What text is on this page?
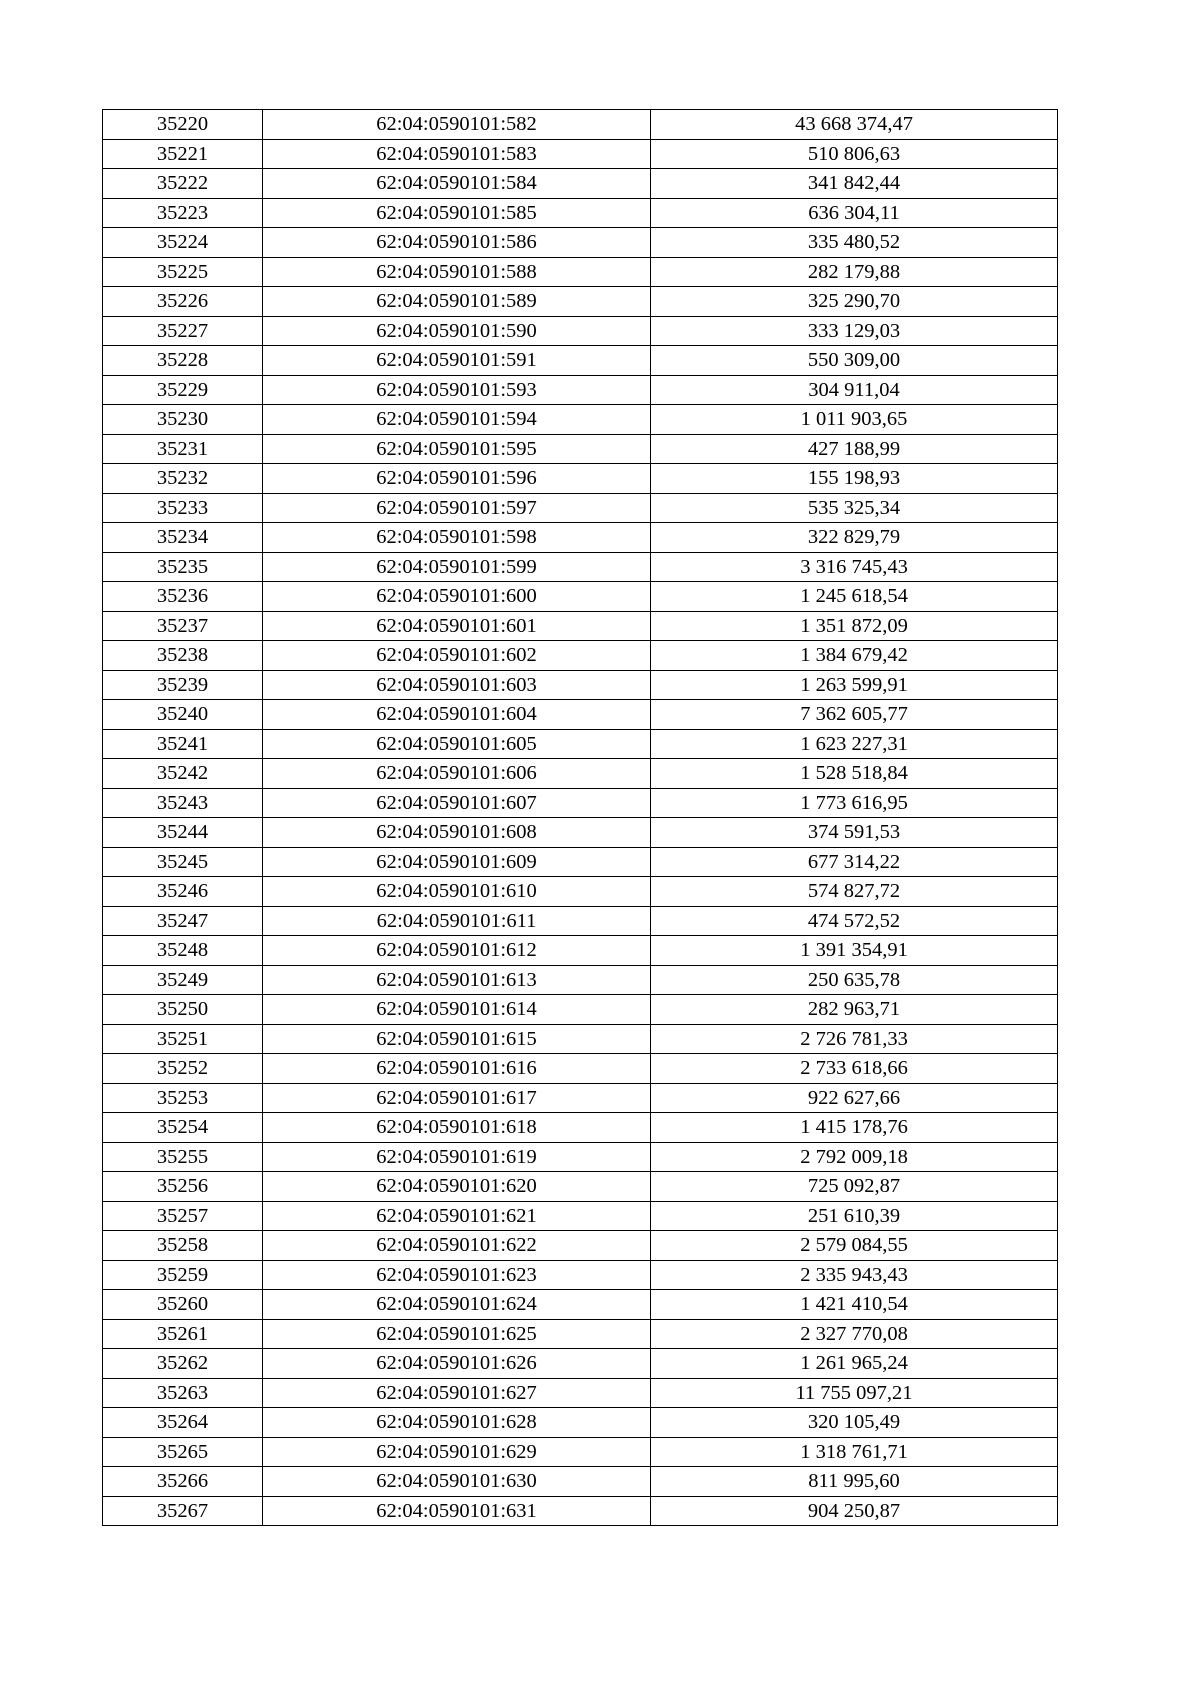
35220	62:04:0590101:582	43 668 374,47
35221	62:04:0590101:583	510 806,63
35222	62:04:0590101:584	341 842,44
35223	62:04:0590101:585	636 304,11
35224	62:04:0590101:586	335 480,52
35225	62:04:0590101:588	282 179,88
35226	62:04:0590101:589	325 290,70
35227	62:04:0590101:590	333 129,03
35228	62:04:0590101:591	550 309,00
35229	62:04:0590101:593	304 911,04
35230	62:04:0590101:594	1 011 903,65
35231	62:04:0590101:595	427 188,99
35232	62:04:0590101:596	155 198,93
35233	62:04:0590101:597	535 325,34
35234	62:04:0590101:598	322 829,79
35235	62:04:0590101:599	3 316 745,43
35236	62:04:0590101:600	1 245 618,54
35237	62:04:0590101:601	1 351 872,09
35238	62:04:0590101:602	1 384 679,42
35239	62:04:0590101:603	1 263 599,91
35240	62:04:0590101:604	7 362 605,77
35241	62:04:0590101:605	1 623 227,31
35242	62:04:0590101:606	1 528 518,84
35243	62:04:0590101:607	1 773 616,95
35244	62:04:0590101:608	374 591,53
35245	62:04:0590101:609	677 314,22
35246	62:04:0590101:610	574 827,72
35247	62:04:0590101:611	474 572,52
35248	62:04:0590101:612	1 391 354,91
35249	62:04:0590101:613	250 635,78
35250	62:04:0590101:614	282 963,71
35251	62:04:0590101:615	2 726 781,33
35252	62:04:0590101:616	2 733 618,66
35253	62:04:0590101:617	922 627,66
35254	62:04:0590101:618	1 415 178,76
35255	62:04:0590101:619	2 792 009,18
35256	62:04:0590101:620	725 092,87
35257	62:04:0590101:621	251 610,39
35258	62:04:0590101:622	2 579 084,55
35259	62:04:0590101:623	2 335 943,43
35260	62:04:0590101:624	1 421 410,54
35261	62:04:0590101:625	2 327 770,08
35262	62:04:0590101:626	1 261 965,24
35263	62:04:0590101:627	11 755 097,21
35264	62:04:0590101:628	320 105,49
35265	62:04:0590101:629	1 318 761,71
35266	62:04:0590101:630	811 995,60
35267	62:04:0590101:631	904 250,87
